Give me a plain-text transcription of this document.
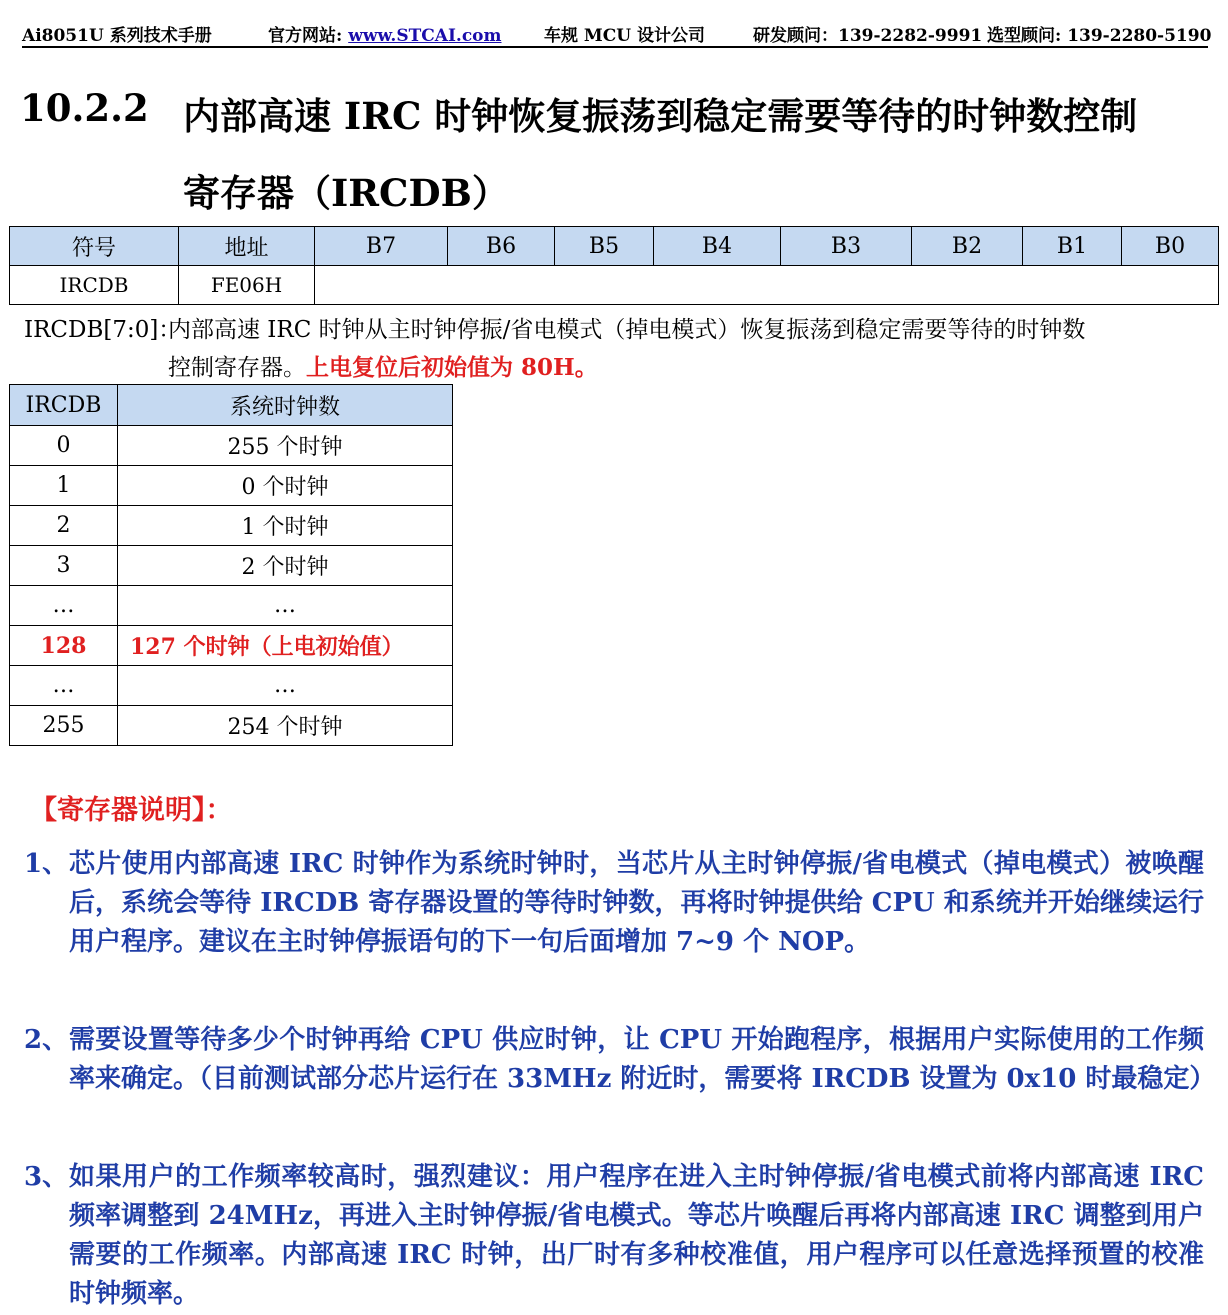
Ai8051U 系列技术手册	官方网站: www.STCAI.com 车规 MCU 设计公司	研发顾问：139-2282-9991 选型顾问: 139-2280-5190
10.2.2 内部高速 IRC 时钟恢复振荡到稳定需要等待的时钟数控制
寄存器（IRCDB）
符号	地址	B7	B6	B5	B4	B3	B2	B1	B0
IRCDB	FE06H								
IRCDB[7:0]：内部高速 IRC 时钟从主时钟停振/省电模式（掉电模式）恢复振荡到稳定需要等待的时钟数
控制寄存器。上电复位后初始值为 80H。
IRCDB	系统时钟数
0	255 个时钟
1	0 个时钟
2	1 个时钟
3	2 个时钟
…	…
128	127 个时钟（上电初始值）
…	…
255	254 个时钟
【寄存器说明】：
1、 芯片使用内部高速 IRC 时钟作为系统时钟时，当芯片从主时钟停振/省电模式（掉电模式）被唤醒后，系统会等待 IRCDB 寄存器设置的等待时钟数，再将时钟提供给 CPU 和系统并开始继续运行用户程序。建议在主时钟停振语句的下一句后面增加 7~9 个 NOP。
2、 需要设置等待多少个时钟再给 CPU 供应时钟，让 CPU 开始跑程序，根据用户实际使用的工作频率来确定。（目前测试部分芯片运行在 33MHz 附近时，需要将 IRCDB 设置为 0x10 时最稳定）
3、 如果用户的工作频率较高时，强烈建议：用户程序在进入主时钟停振/省电模式前将内部高速 IRC 频率调整到 24MHz，再进入主时钟停振/省电模式。等芯片唤醒后再将内部高速 IRC 调整到用户需要的工作频率。内部高速 IRC 时钟，出厂时有多种校准值，用户程序可以任意选择预置的校准时钟频率。
